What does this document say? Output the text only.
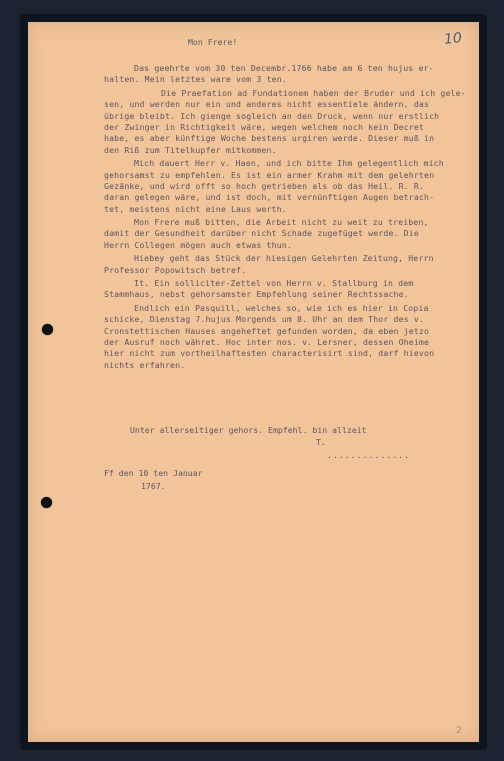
10
Mon Frere!
Das geehrte vom 30 ten Decembr.1766 habe am 6 ten hujus er-
halten. Mein letztes ware vom 3 ten.
Die Praefation ad Fundationem haben der Bruder und ich gele-
sen, und werden nur ein und anderes nicht essentiele ändern, das
übrige bleibt. Ich gienge sogleich an den Druck, wenn nur erstlich
der Zwinger in Richtigkeit wäre, wegen welchem noch kein Decret
habe, es aber künftige Woche bestens urgiren werde. Dieser muß in
den Riß zum Titelkupfer mitkommen.
Mich dauert Herr v. Haen, und ich bitte Ihm gelegentlich mich
gehorsamst zu empfehlen. Es ist ein armer Krahm mit dem gelehrten
Gezänke, und wird offt so hoch getrieben als ob das Heil. R. R.
daran gelegen wäre, und ist doch, mit vernünftigen Augen betrach-
tet, meistens nicht eine Laus werth.
Mon Frere muß bitten, die Arbeit nicht zu weit zu treiben,
damit der Gesundheit darüber nicht Schade zugefüget werde. Die
Herrn Collegen mögen auch etwas thun.
Hiebey geht das Stück der hiesigen Gelehrten Zeitung, Herrn
Professor Popowitsch betref.
It. Ein solliciter-Zettel von Herrn v. Stallburg in dem
Stammhaus, nebst gehorsamster Empfehlung seiner Rechtssache.
Endlich ein Pasquill, welches so, wie ich es hier in Copia
schicke, Dienstag 7.hujus Morgends um 8. Uhr an dem Thor des v.
Cronstettischen Hauses angeheftet gefunden worden, da eben jetzo
der Ausruf noch währet. Hoc inter nos. v. Lersner, dessen Oheime
hier nicht zum vortheilhaftesten characterisirt sind, darf hievon
nichts erfahren.
Unter allerseitiger gehors. Empfehl. bin allzeit
T.
..............
Ff den 10 ten Januar
1767.
2
